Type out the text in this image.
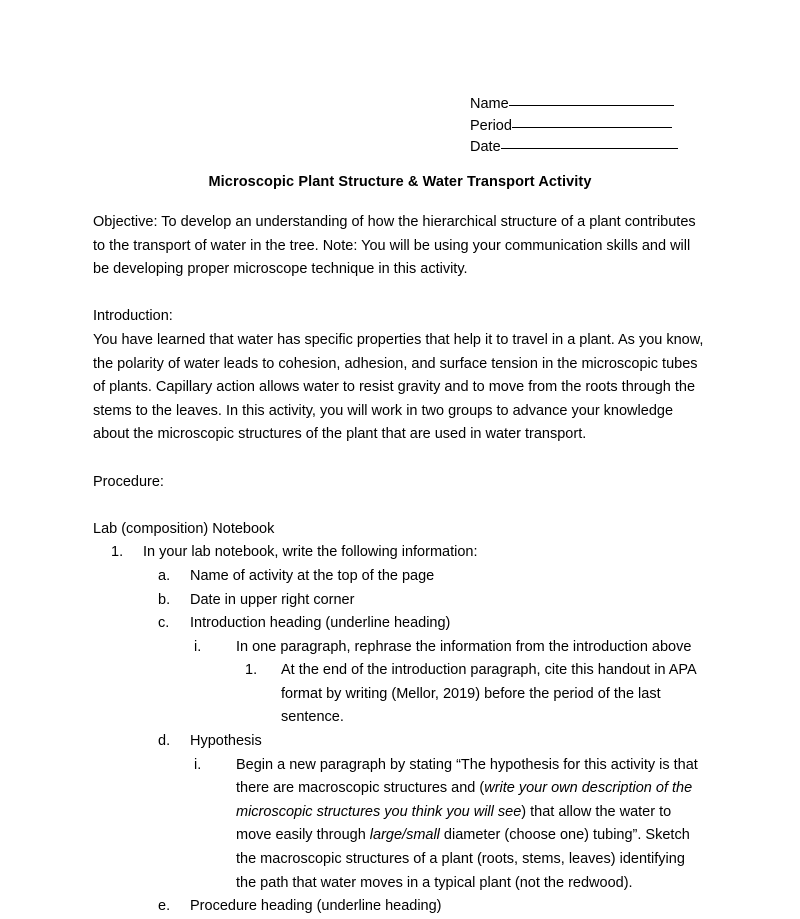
Name
Period
Date
Microscopic Plant Structure & Water Transport Activity

Objective: To develop an understanding of how the hierarchical structure of a plant contributes to the transport of water in the tree. Note: You will be using your communication skills and will be developing proper microscope technique in this activity.

Introduction:

You have learned that water has specific properties that help it to travel in a plant. As you know, the polarity of water leads to cohesion, adhesion, and surface tension in the microscopic tubes of plants. Capillary action allows water to resist gravity and to move from the roots through the stems to the leaves. In this activity, you will work in two groups to advance your knowledge about the microscopic structures of the plant that are used in water transport.

Procedure:

Lab (composition) Notebook
1.	In your lab notebook, write the following information:
a.	Name of activity at the top of the page
b.	Date in upper right corner
c.	Introduction heading (underline heading)
i.	In one paragraph, rephrase the information from the introduction above
1.	At the end of the introduction paragraph, cite this handout in APA format by writing (Mellor, 2019) before the period of the last sentence.
d.	Hypothesis
i.	Begin a new paragraph by stating “The hypothesis for this activity is that there are macroscopic structures and (write your own description of the microscopic structures you think you will see) that allow the water to move easily through large/small diameter (choose one) tubing”. Sketch the macroscopic structures of a plant (roots, stems, leaves) identifying the path that water moves in a typical plant (not the redwood).
e.	Procedure heading (underline heading)
